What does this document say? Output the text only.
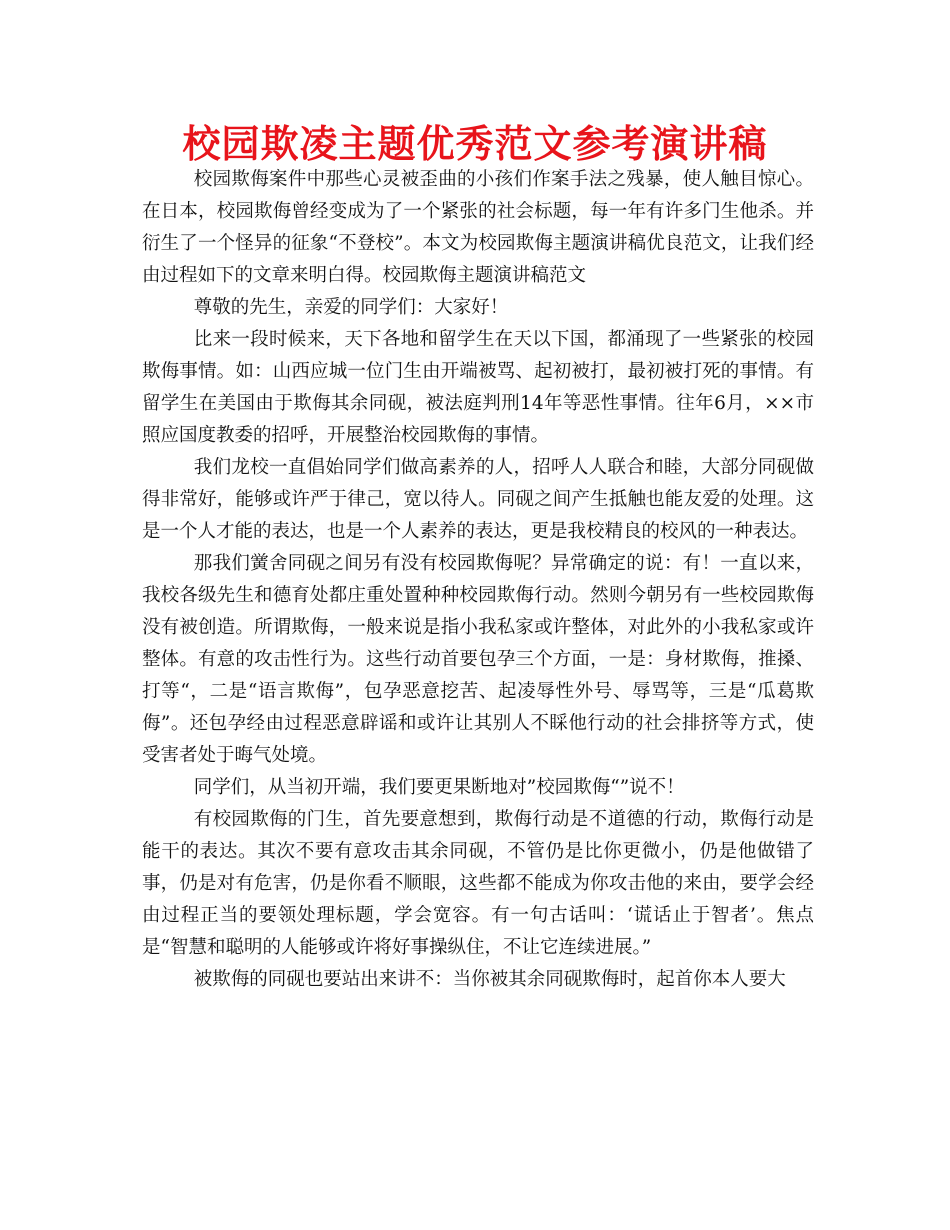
校园欺凌主题优秀范文参考演讲稿

校园欺侮案件中那些心灵被歪曲的小孩们作案手法之残暴，使人触目惊心。在日本，校园欺侮曾经变成为了一个紧张的社会标题，每一年有许多门生他杀。并衍生了一个怪异的征象“不登校”。本文为校园欺侮主题演讲稿优良范文，让我们经由过程如下的文章来明白得。校园欺侮主题演讲稿范文

尊敬的先生，亲爱的同学们：大家好！

比来一段时候来，天下各地和留学生在天以下国，都涌现了一些紧张的校园欺侮事情。如：山西应城一位门生由开端被骂、起初被打，最初被打死的事情。有留学生在美国由于欺侮其余同砚，被法庭判刑14年等恶性事情。往年6月，××市照应国度教委的招呼，开展整治校园欺侮的事情。

我们龙校一直倡始同学们做高素养的人，招呼人人联合和睦，大部分同砚做得非常好，能够或许严于律己，宽以待人。同砚之间产生抵触也能友爱的处理。这是一个人才能的表达，也是一个人素养的表达，更是我校精良的校风的一种表达。

那我们黉舍同砚之间另有没有校园欺侮呢？异常确定的说：有！一直以来，我校各级先生和德育处都庄重处置种种校园欺侮行动。然则今朝另有一些校园欺侮没有被创造。所谓欺侮，一般来说是指小我私家或许整体，对此外的小我私家或许整体。有意的攻击性行为。这些行动首要包孕三个方面，一是：身材欺侮，推搡、打等“，二是“语言欺侮”，包孕恶意挖苦、起凌辱性外号、辱骂等，三是“瓜葛欺侮”。还包孕经由过程恶意辟谣和或许让其别人不睬他行动的社会排挤等方式，使受害者处于晦气处境。

同学们，从当初开端，我们要更果断地对”校园欺侮“”说不！

有校园欺侮的门生，首先要意想到，欺侮行动是不道德的行动，欺侮行动是能干的表达。其次不要有意攻击其余同砚，不管仍是比你更微小，仍是他做错了事，仍是对有危害，仍是你看不顺眼，这些都不能成为你攻击他的来由，要学会经由过程正当的要领处理标题，学会宽容。有一句古话叫：‘谎话止于智者’。焦点是“智慧和聪明的人能够或许将好事操纵住，不让它连续进展。”

被欺侮的同砚也要站出来讲不：当你被其余同砚欺侮时，起首你本人要大
